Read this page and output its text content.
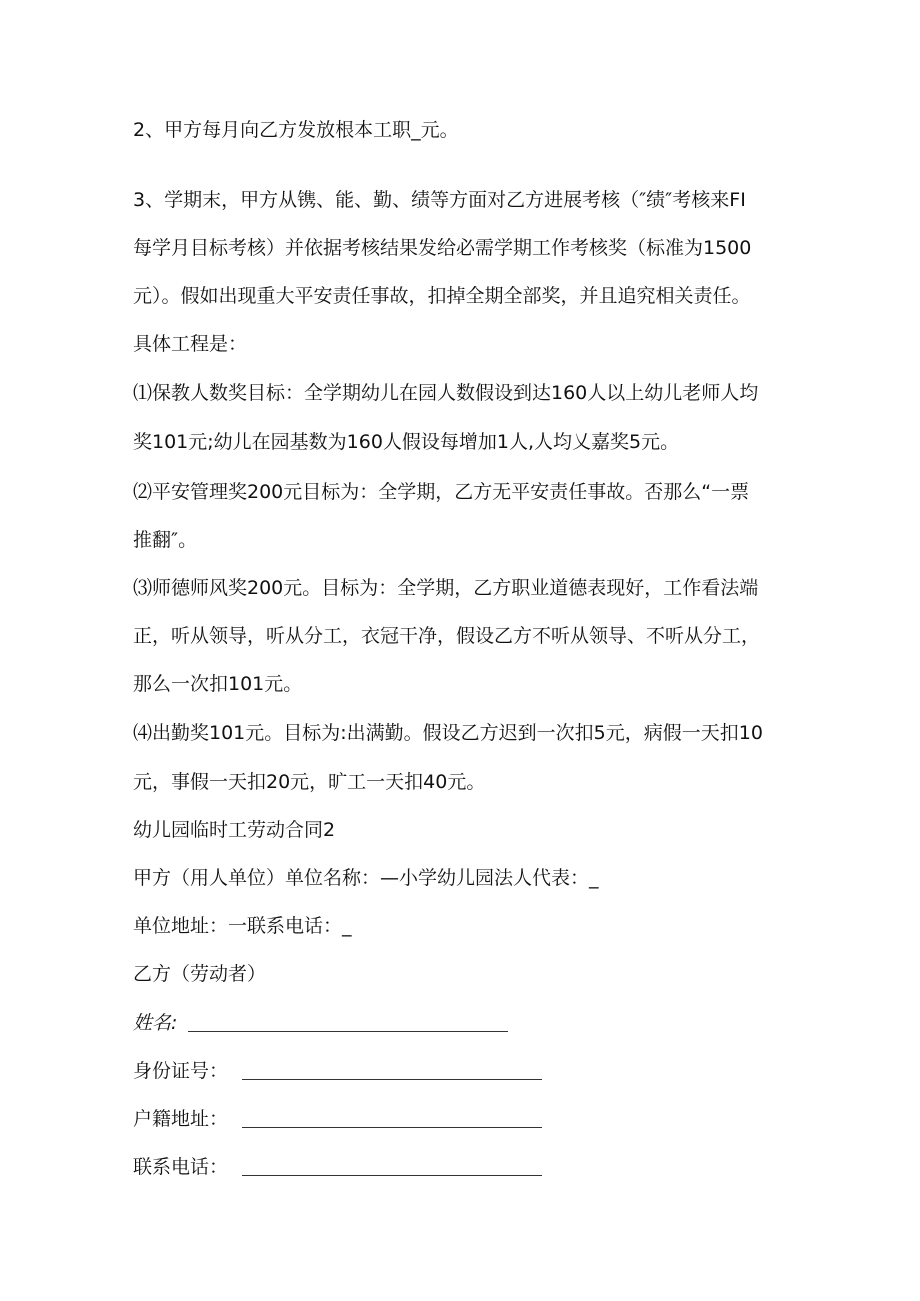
2、甲方每月向乙方发放根本工职_元。

3、学期末，甲方从镌、能、勤、绩等方面对乙方进展考核（″绩″考核来FI

每学月目标考核）并依据考核结果发给必需学期工作考核奖（标准为1500

元）。假如出现重大平安责任事故，扣掉全期全部奖，并且追究相关责任。

具体工程是：

⑴保教人数奖目标：全学期幼儿在园人数假设到达160人以上幼儿老师人均

奖101元;幼儿在园基数为160人假设每增加1人,人均乂嘉奖5元。

⑵平安管理奖200元目标为：全学期，乙方无平安责任事故。否那么“一票

推翻″。

⑶师德师风奖200元。目标为：全学期，乙方职业道德表现好，工作看法端

正，听从领导，听从分工，衣冠干净，假设乙方不听从领导、不听从分工，

那么一次扣101元。

⑷出勤奖101元。目标为:出满勤。假设乙方迟到一次扣5元，病假一天扣10

元，事假一天扣20元，旷工一天扣40元。

幼儿园临时工劳动合同2

甲方（用人单位）单位名称：—小学幼儿园法人代表：_

单位地址：一联系电话：_

乙方（劳动者）

姓名:
身份证号：
户籍地址：
联系电话：
